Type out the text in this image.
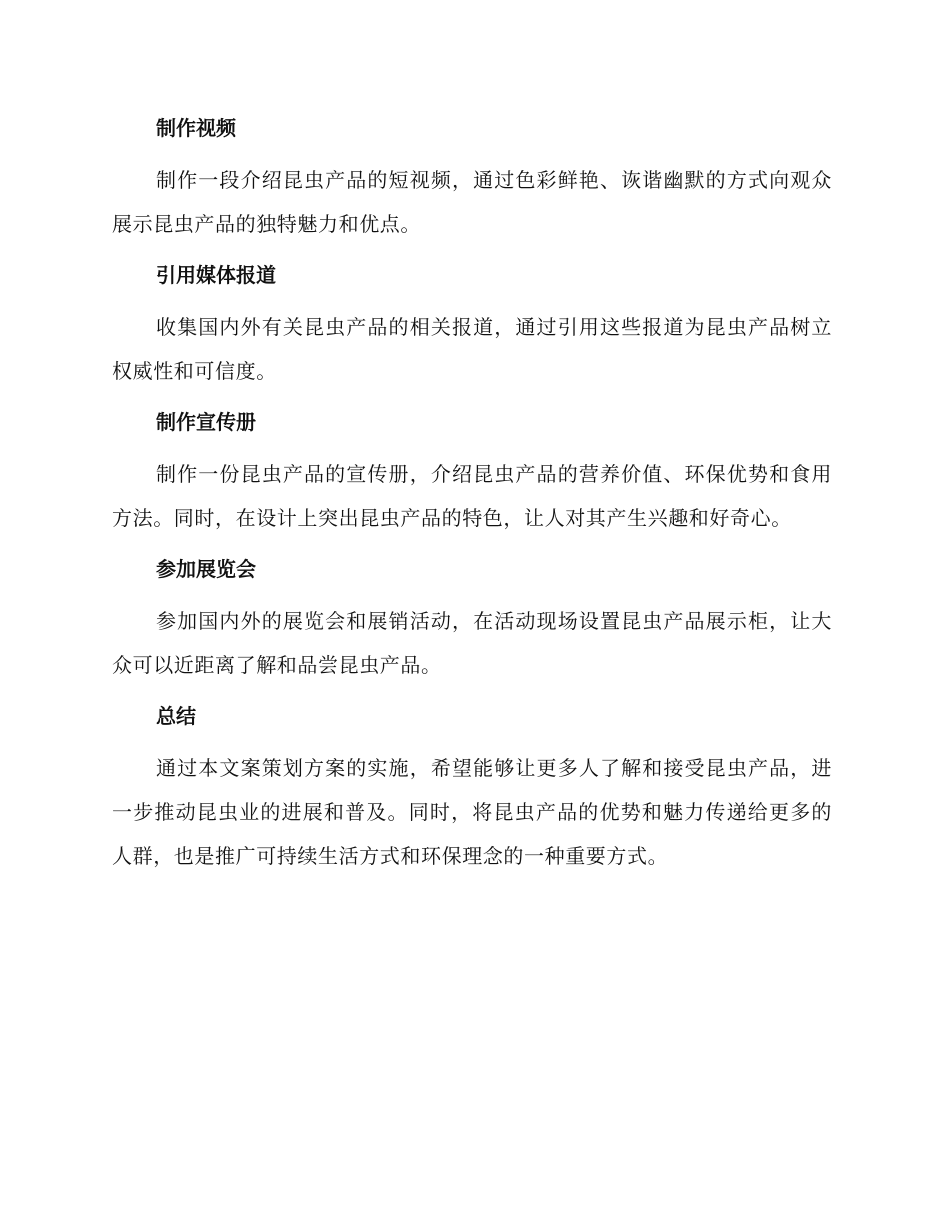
制作视频

制作一段介绍昆虫产品的短视频，通过色彩鲜艳、诙谐幽默的方式向观众展示昆虫产品的独特魅力和优点。

引用媒体报道

收集国内外有关昆虫产品的相关报道，通过引用这些报道为昆虫产品树立权威性和可信度。

制作宣传册

制作一份昆虫产品的宣传册，介绍昆虫产品的营养价值、环保优势和食用方法。同时，在设计上突出昆虫产品的特色，让人对其产生兴趣和好奇心。

参加展览会

参加国内外的展览会和展销活动，在活动现场设置昆虫产品展示柜，让大众可以近距离了解和品尝昆虫产品。

总结

通过本文案策划方案的实施，希望能够让更多人了解和接受昆虫产品，进一步推动昆虫业的进展和普及。同时，将昆虫产品的优势和魅力传递给更多的人群，也是推广可持续生活方式和环保理念的一种重要方式。
